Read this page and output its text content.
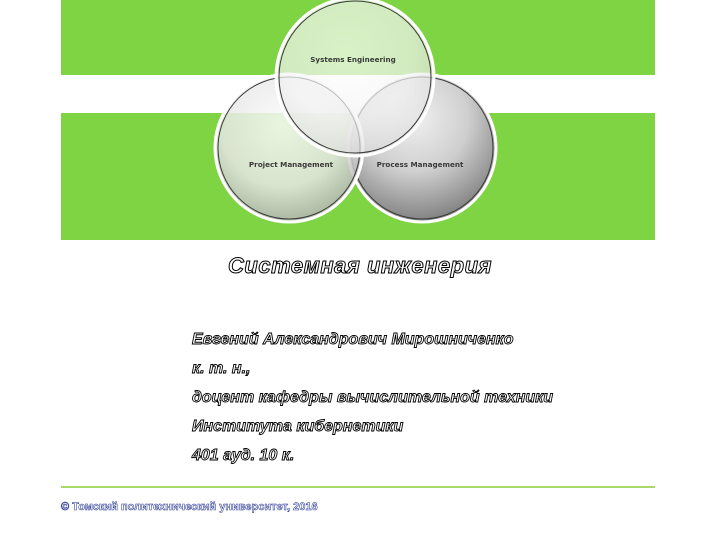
Systems Engineering
Project Management	Process Management
Системная инженерия
Евгений Александрович Мирошниченко
к. т. н.,
доцент кафедры вычислительной техники
Института кибернетики
401 ауд. 10 к.
© Томский политехнический университет, 2016
